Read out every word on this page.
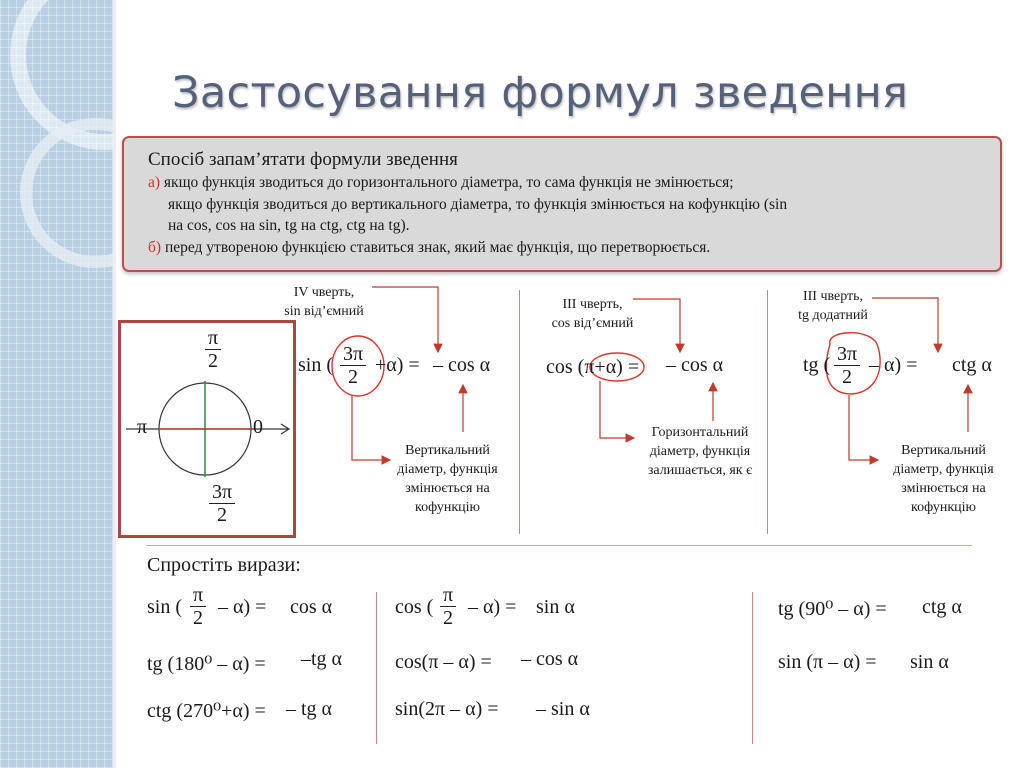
Застосування формул зведення
Спосіб запам’ятати формули зведення
а) якщо функція зводиться до горизонтального діаметра, то сама функція не змінюється;
якщо функція зводиться до вертикального діаметра, то функція змінюється на кофункцію (sin
на cos, cos на sin, tg на ctg, ctg на tg).
б) перед утвореною функцією ставиться знак, який має функція, що перетворюється.
$\frac{\pi}{2}$
π	0
$\frac{3\pi}{2}$
IV чверть,
sin від’ємний
sin ( $\frac{3\pi}{2} +\alpha$) = – cos α
Вертикальний
діаметр, функція
змінюється на
кофункцію
ІІІ чверть,
cos від’ємний
cos (π+α) = – cos α
Горизонтальний
діаметр, функція
залишається, як є
ІІІ чверть,
tg додатний
tg ( $\frac{3\pi}{2} - \alpha$) = ctg α
Вертикальний
діаметр, функція
змінюється на
кофункцію
Спростіть вирази:
sin ( $\frac{\pi}{2} - \alpha) = \cos \alpha$
tg (180⁰ – α) = –tg α
ctg (270⁰+α) = – tg α
cos ( $\frac{\pi}{2} - \alpha) = \sin \alpha$
cos(π – α) = – cos α
sin(2π – α) = – sin α
tg (90⁰ – α) = ctg α
sin (π – α) = sin α
